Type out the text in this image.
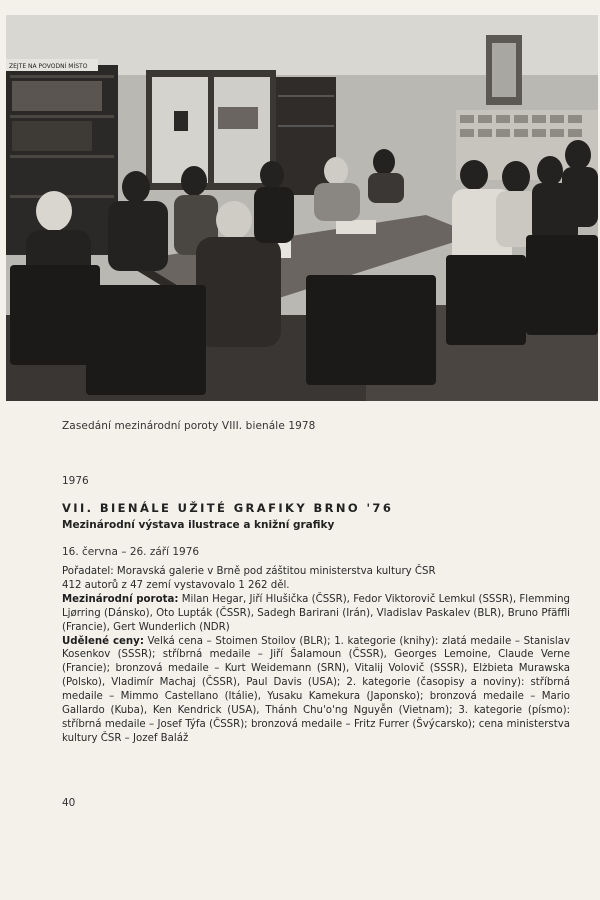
ZEJTE NA POVODNÍ MÍSTO
Zasedání mezinárodní poroty VIII. bienále 1978
1976
VII. BIENÁLE UŽITÉ GRAFIKY BRNO '76
Mezinárodní výstava ilustrace a knižní grafiky
16. června – 26. září 1976

Pořadatel: Moravská galerie v Brně pod záštitou ministerstva kultury ČSR

412 autorů z 47 zemí vystavovalo 1 262 děl.

Mezinárodní porota: Milan Hegar, Jiří Hlušička (ČSSR), Fedor Viktorovič Lemkul (SSSR), Flemming Ljørring (Dánsko), Oto Lupták (ČSSR), Sadegh Barirani (Irán), Vladislav Paskalev (BLR), Bruno Pfäffli (Francie), Gert Wunderlich (NDR)

Udělené ceny: Velká cena – Stoimen Stoilov (BLR); 1. kategorie (knihy): zlatá medaile – Stanislav Kosenkov (SSSR); stříbrná medaile – Jiří Šalamoun (ČSSR), Georges Lemoine, Claude Verne (Francie); bronzová medaile – Kurt Weidemann (SRN), Vitalij Volovič (SSSR), Elżbieta Murawska (Polsko), Vladimír Machaj (ČSSR), Paul Davis (USA); 2. kategorie (časopisy a noviny): stříbrná medaile – Mimmo Castellano (Itálie), Yusaku Kamekura (Japonsko); bronzová medaile – Mario Gallardo (Kuba), Ken Kendrick (USA), Thánh Chu'o'ng Nguyễn (Vietnam); 3. kategorie (písmo): stříbrná medaile – Josef Týfa (ČSSR); bronzová medaile – Fritz Furrer (Švýcarsko); cena ministerstva kultury ČSR – Jozef Baláž

40
